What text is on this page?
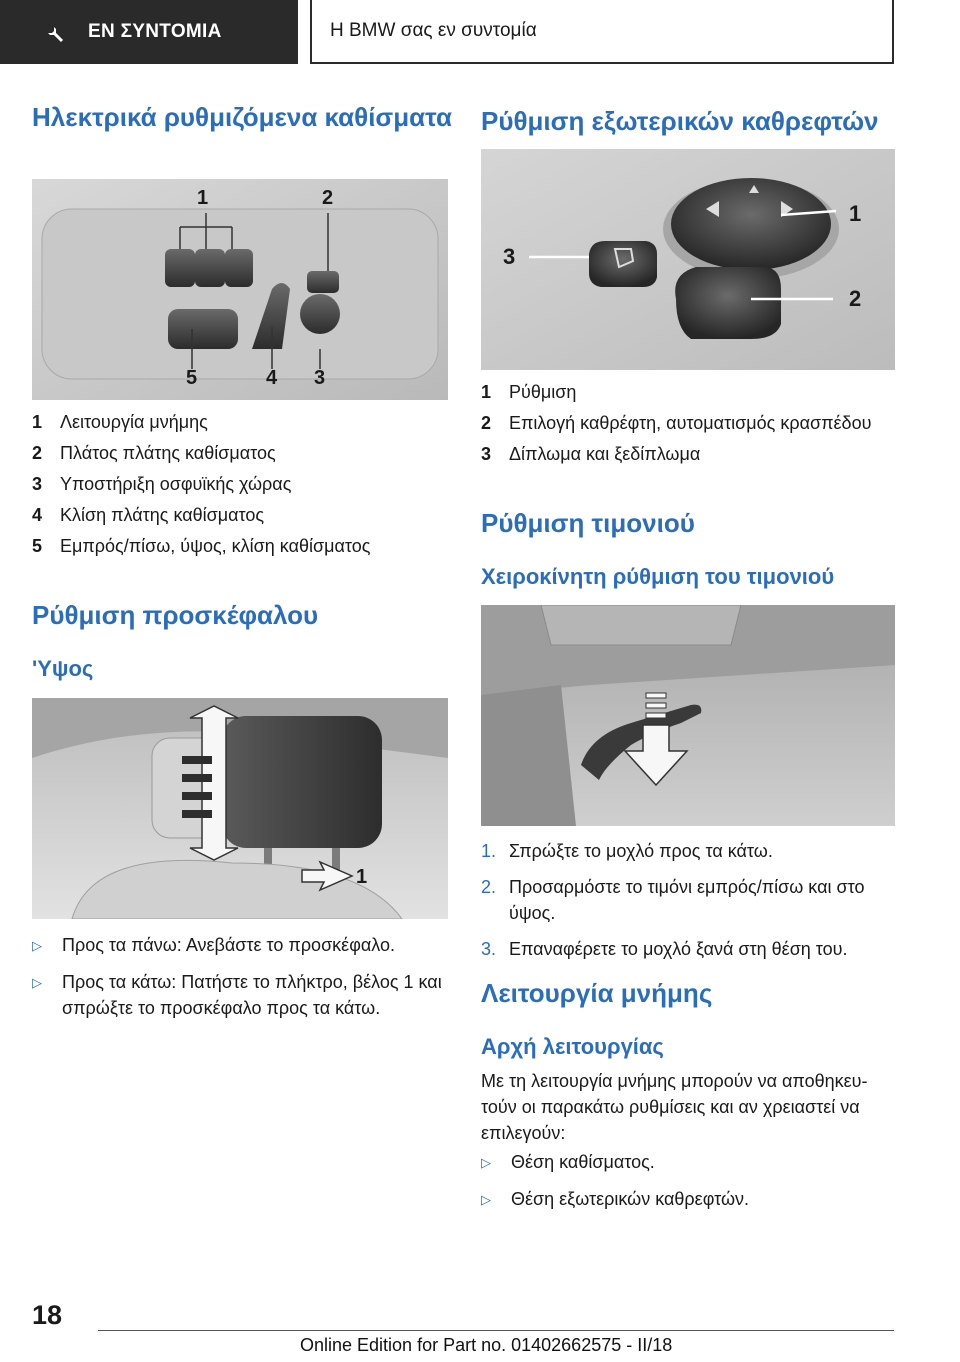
ΕΝ ΣΥΝΤΟΜΙΑ	Η BMW σας εν συντομία
Ηλεκτρικά ρυθμιζόμενα καθίσματα
1	2
3
4
5
1 Λειτουργία μνήμης
2 Πλάτος πλάτης καθίσματος
3 Υποστήριξη οσφυϊκής χώρας
4 Κλίση πλάτης καθίσματος
5 Εμπρός/πίσω, ύψος, κλίση καθίσματος
Ρύθμιση προσκέφαλου
'Υψος
1
▷	Προς τα πάνω: Ανεβάστε το προσκέφαλο.
▷	Προς τα κάτω: Πατήστε το πλήκτρο, βέλος 1 και σπρώξτε το προσκέφαλο προς τα κάτω.
Ρύθμιση εξωτερικών καθρεφτών
1
2
3
1 Ρύθμιση
2 Επιλογή καθρέφτη, αυτοματισμός κρασπέδου
3 Δίπλωμα και ξεδίπλωμα
Ρύθμιση τιμονιού
Χειροκίνητη ρύθμιση του τιμονιού
1. Σπρώξτε το μοχλό προς τα κάτω.
2. Προσαρμόστε το τιμόνι εμπρός/πίσω και στο ύψος.
3. Επαναφέρετε το μοχλό ξανά στη θέση του.
Λειτουργία μνήμης
Αρχή λειτουργίας

Με τη λειτουργία μνήμης μπορούν να αποθηκευ-τούν οι παρακάτω ρυθμίσεις και αν χρειαστεί να επιλεγούν:

▷	Θέση καθίσματος.
▷	Θέση εξωτερικών καθρεφτών.
18
Online Edition for Part no. 01402662575 - II/18
